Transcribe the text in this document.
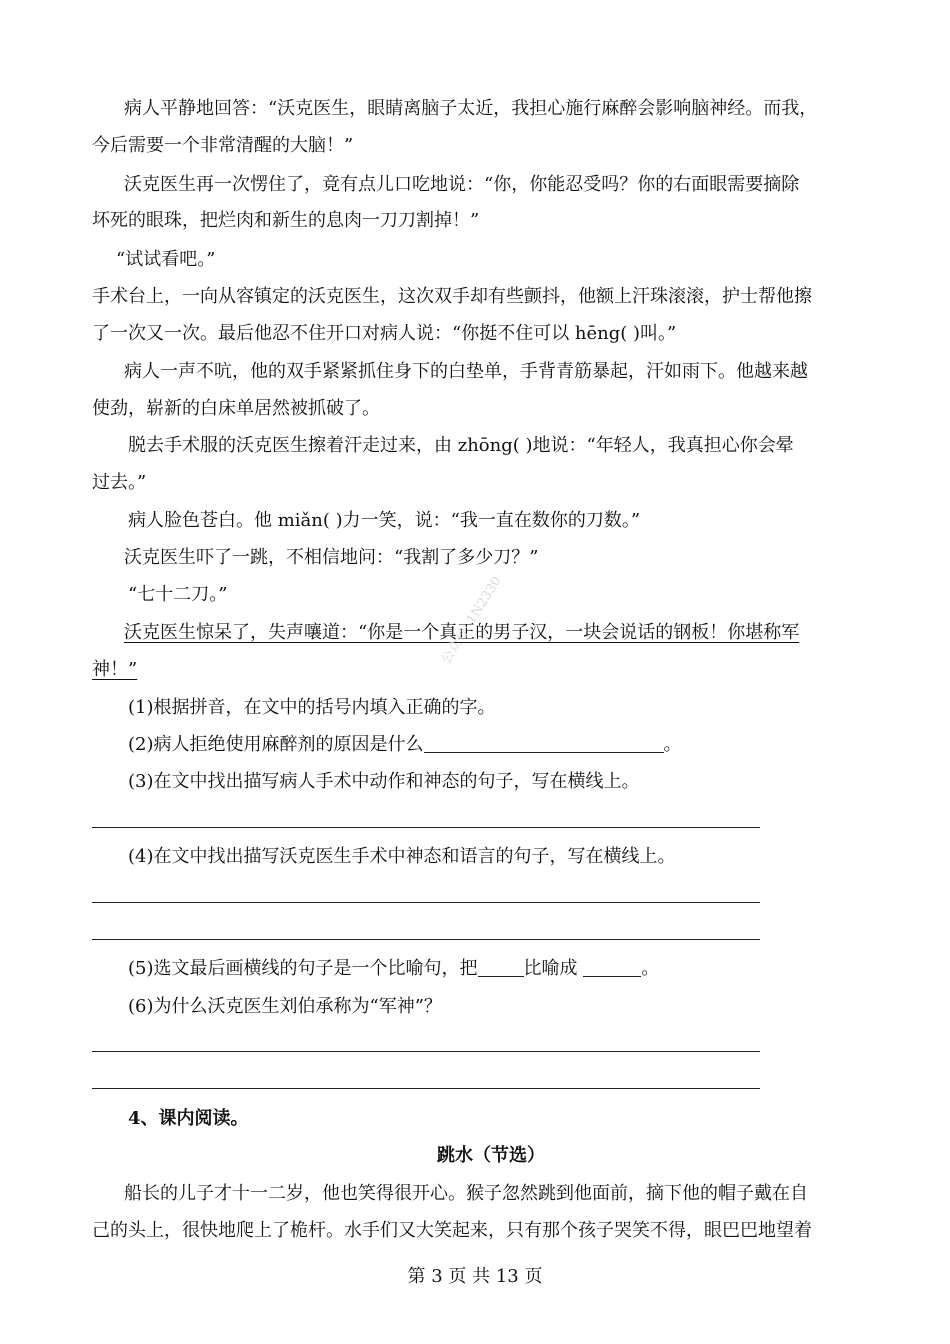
病人平静地回答：“沃克医生，眼睛离脑子太近，我担心施行麻醉会影响脑神经。而我，
今后需要一个非常清醒的大脑！”
沃克医生再一次愣住了，竟有点儿口吃地说：“你，你能忍受吗？你的右面眼需要摘除
坏死的眼珠，把烂肉和新生的息肉一刀刀割掉！”
“试试看吧。”
手术台上，一向从容镇定的沃克医生，这次双手却有些颤抖，他额上汗珠滚滚，护士帮他擦
了一次又一次。最后他忍不住开口对病人说：“你挺不住可以 hēng( )叫。”
病人一声不吭，他的双手紧紧抓住身下的白垫单，手背青筋暴起，汗如雨下。他越来越
使劲，崭新的白床单居然被抓破了。
脱去手术服的沃克医生擦着汗走过来，由 zhōng( )地说：“年轻人，我真担心你会晕
过去。”
病人脸色苍白。他 miǎn( )力一笑，说：“我一直在数你的刀数。”
沃克医生吓了一跳，不相信地问：“我割了多少刀？”
“七十二刀。”
沃克医生惊呆了，失声嚷道：“你是一个真正的男子汉，一块会说话的钢板！你堪称军
神！”
公众号: 1N2330
(1)根据拼音，在文中的括号内填入正确的字。
(2)病人拒绝使用麻醉剂的原因是什么	。
(3)在文中找出描写病人手术中动作和神态的句子，写在横线上。
(4)在文中找出描写沃克医生手术中神态和语言的句子，写在横线上。
(5)选文最后画横线的句子是一个比喻句，把	比喻成	。
(6)为什么沃克医生刘伯承称为“军神”？
4、课内阅读。
跳水（节选）
船长的儿子才十一二岁，他也笑得很开心。猴子忽然跳到他面前，摘下他的帽子戴在自
己的头上，很快地爬上了桅杆。水手们又大笑起来，只有那个孩子哭笑不得，眼巴巴地望着
第 3 页 共 13 页
